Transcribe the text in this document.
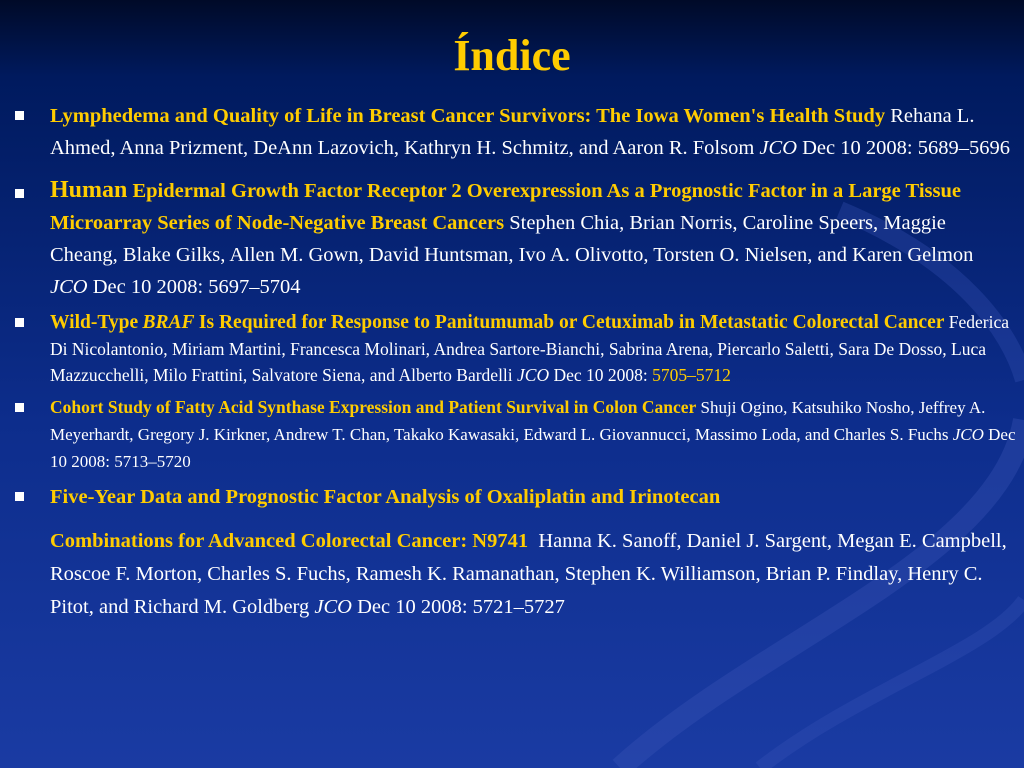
Índice
Lymphedema and Quality of Life in Breast Cancer Survivors: The Iowa Women's Health Study Rehana L. Ahmed, Anna Prizment, DeAnn Lazovich, Kathryn H. Schmitz, and Aaron R. Folsom JCO Dec 10 2008: 5689–5696
Human Epidermal Growth Factor Receptor 2 Overexpression As a Prognostic Factor in a Large Tissue Microarray Series of Node-Negative Breast Cancers Stephen Chia, Brian Norris, Caroline Speers, Maggie Cheang, Blake Gilks, Allen M. Gown, David Huntsman, Ivo A. Olivotto, Torsten O. Nielsen, and Karen Gelmon JCO Dec 10 2008: 5697–5704
Wild-Type BRAF Is Required for Response to Panitumumab or Cetuximab in Metastatic Colorectal Cancer Federica Di Nicolantonio, Miriam Martini, Francesca Molinari, Andrea Sartore-Bianchi, Sabrina Arena, Piercarlo Saletti, Sara De Dosso, Luca Mazzucchelli, Milo Frattini, Salvatore Siena, and Alberto Bardelli JCO Dec 10 2008: 5705–5712
Cohort Study of Fatty Acid Synthase Expression and Patient Survival in Colon Cancer Shuji Ogino, Katsuhiko Nosho, Jeffrey A. Meyerhardt, Gregory J. Kirkner, Andrew T. Chan, Takako Kawasaki, Edward L. Giovannucci, Massimo Loda, and Charles S. Fuchs JCO Dec 10 2008: 5713–5720
Five-Year Data and Prognostic Factor Analysis of Oxaliplatin and Irinotecan
Combinations for Advanced Colorectal Cancer: N9741 Hanna K. Sanoff, Daniel J. Sargent, Megan E. Campbell, Roscoe F. Morton, Charles S. Fuchs, Ramesh K. Ramanathan, Stephen K. Williamson, Brian P. Findlay, Henry C. Pitot, and Richard M. Goldberg JCO Dec 10 2008: 5721–5727
